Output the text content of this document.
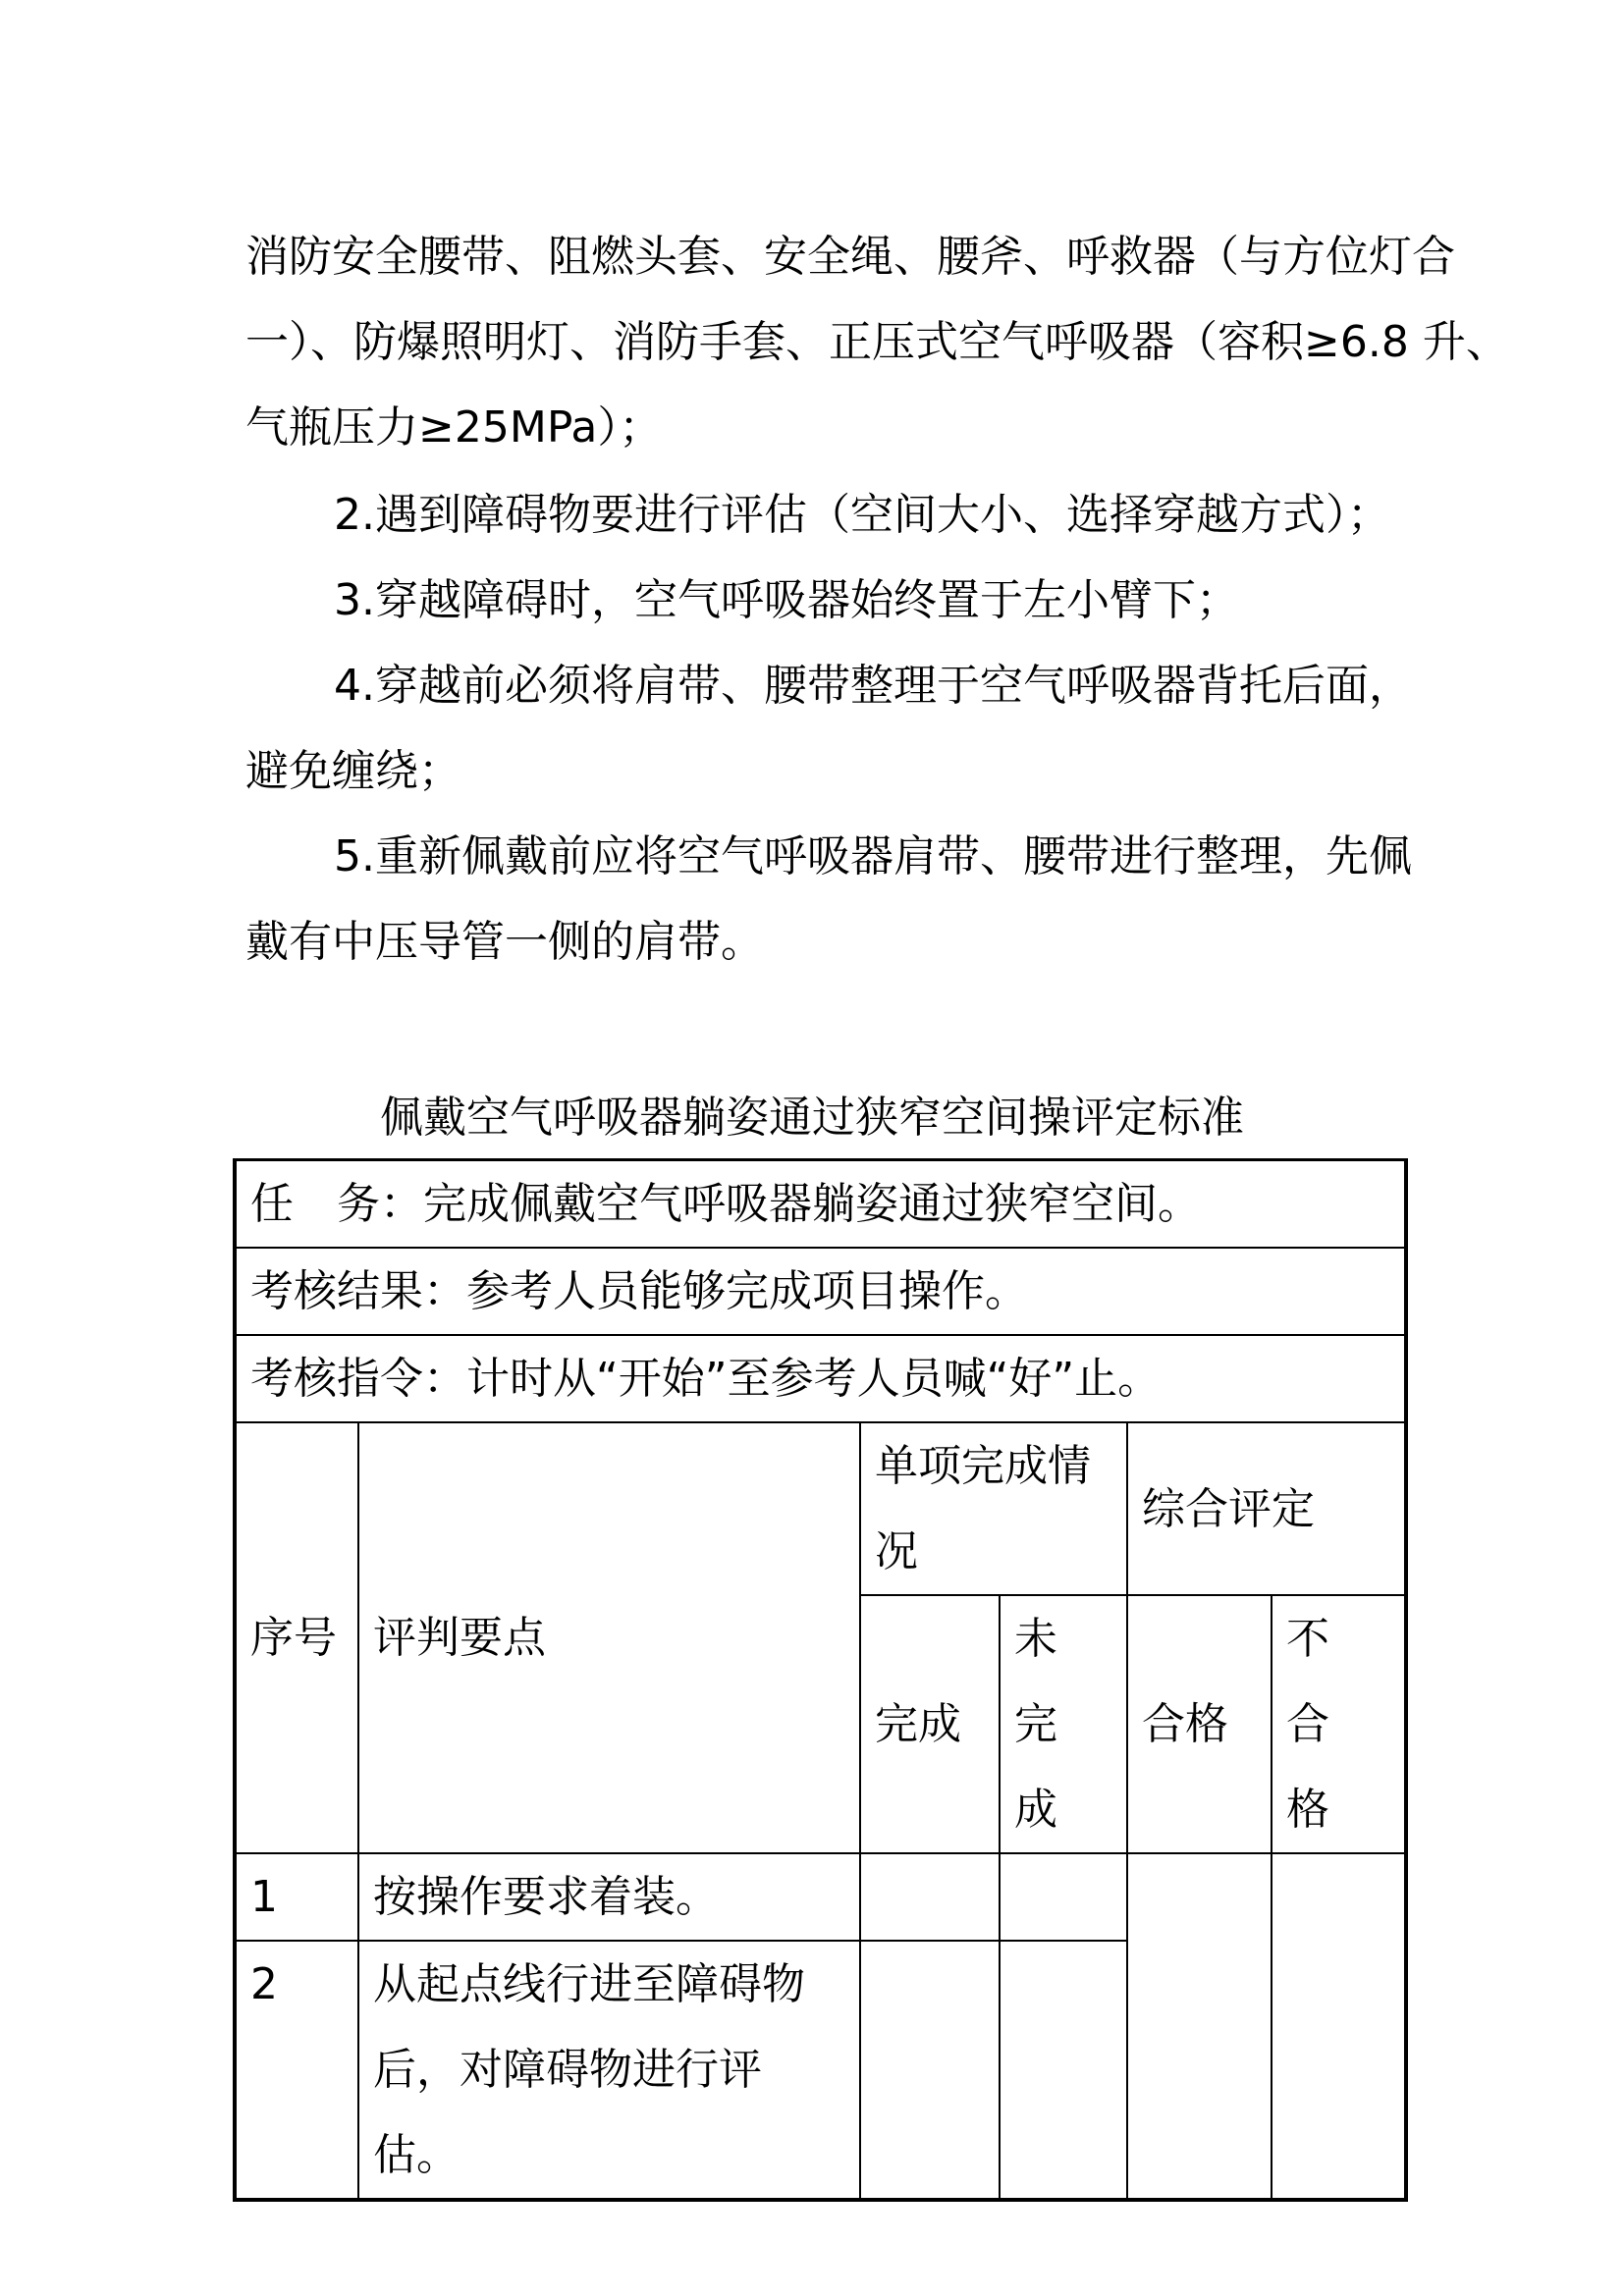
消防安全腰带、阻燃头套、安全绳、腰斧、呼救器（与方位灯合
一）、防爆照明灯、消防手套、正压式空气呼吸器（容积≥6.8 升、
气瓶压力≥25MPa）；

2.遇到障碍物要进行评估（空间大小、选择穿越方式）；

3.穿越障碍时，空气呼吸器始终置于左小臂下；

4.穿越前必须将肩带、腰带整理于空气呼吸器背托后面，
避免缠绕；

5.重新佩戴前应将空气呼吸器肩带、腰带进行整理，先佩
戴有中压导管一侧的肩带。

佩戴空气呼吸器躺姿通过狭窄空间操评定标准
任　务：完成佩戴空气呼吸器躺姿通过狭窄空间。					
考核结果：参考人员能够完成项目操作。					
考核指令：计时从“开始”至参考人员喊“好”止。					
序号	评判要点	单项完成情况		综合评定	
		完成	未完成	合格	不合格
1	按操作要求着装。				
2	从起点线行进至障碍物后，对障碍物进行评估。				
